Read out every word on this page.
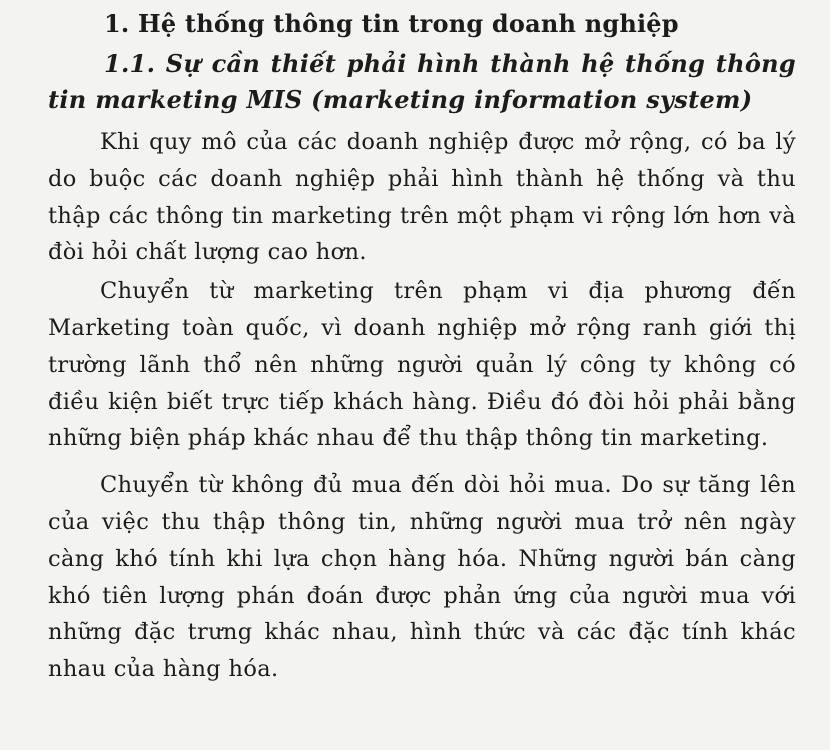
1. Hệ thống thông tin trong doanh nghiệp
1.1. Sự cần thiết phải hình thành hệ thống thông tin marketing MIS (marketing information system)

Khi quy mô của các doanh nghiệp được mở rộng, có ba lý do buộc các doanh nghiệp phải hình thành hệ thống và thu thập các thông tin marketing trên một phạm vi rộng lớn hơn và đòi hỏi chất lượng cao hơn.

Chuyển từ marketing trên phạm vi địa phương đến Marketing toàn quốc, vì doanh nghiệp mở rộng ranh giới thị trường lãnh thổ nên những người quản lý công ty không có điều kiện biết trực tiếp khách hàng. Điều đó đòi hỏi phải bằng những biện pháp khác nhau để thu thập thông tin marketing.

Chuyển từ không đủ mua đến dòi hỏi mua. Do sự tăng lên của việc thu thập thông tin, những người mua trở nên ngày càng khó tính khi lựa chọn hàng hóa. Những người bán càng khó tiên lượng phán đoán được phản ứng của người mua với những đặc trưng khác nhau, hình thức và các đặc tính khác nhau của hàng hóa.
